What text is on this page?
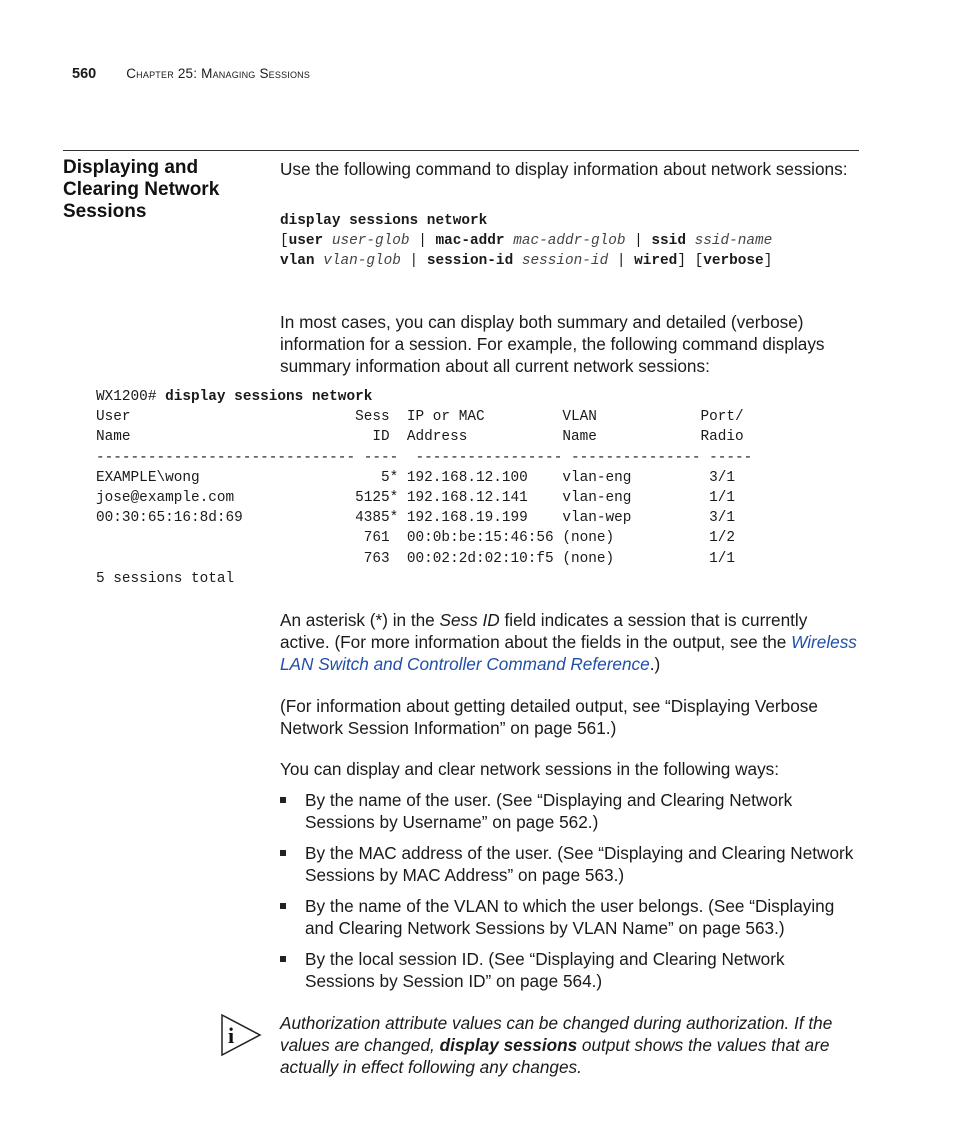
560 Chapter 25: Managing Sessions
Displaying and Clearing Network Sessions
Use the following command to display information about network sessions:
display sessions network
[user user-glob | mac-addr mac-addr-glob | ssid ssid-name
vlan vlan-glob | session-id session-id | wired] [verbose]
In most cases, you can display both summary and detailed (verbose) information for a session. For example, the following command displays summary information about all current network sessions:
WX1200# display sessions network
User                          Sess  IP or MAC         VLAN            Port/
Name                            ID  Address           Name            Radio
------------------------------ ----  ----------------- --------------- -----
EXAMPLE\wong                     5* 192.168.12.100    vlan-eng         3/1
jose@example.com              5125* 192.168.12.141    vlan-eng         1/1
00:30:65:16:8d:69             4385* 192.168.19.199    vlan-wep         3/1
761  00:0b:be:15:46:56 (none)           1/2
763  00:02:2d:02:10:f5 (none)           1/1
5 sessions total
An asterisk (*) in the Sess ID field indicates a session that is currently active. (For more information about the fields in the output, see the Wireless LAN Switch and Controller Command Reference.)
(For information about getting detailed output, see “Displaying Verbose Network Session Information” on page 561.)
You can display and clear network sessions in the following ways:
By the name of the user. (See “Displaying and Clearing Network Sessions by Username” on page 562.)
By the MAC address of the user. (See “Displaying and Clearing Network Sessions by MAC Address” on page 563.)
By the name of the VLAN to which the user belongs. (See “Displaying and Clearing Network Sessions by VLAN Name” on page 563.)
By the local session ID. (See “Displaying and Clearing Network Sessions by Session ID” on page 564.)
i	Authorization attribute values can be changed during authorization. If the values are changed, display sessions output shows the values that are actually in effect following any changes.
